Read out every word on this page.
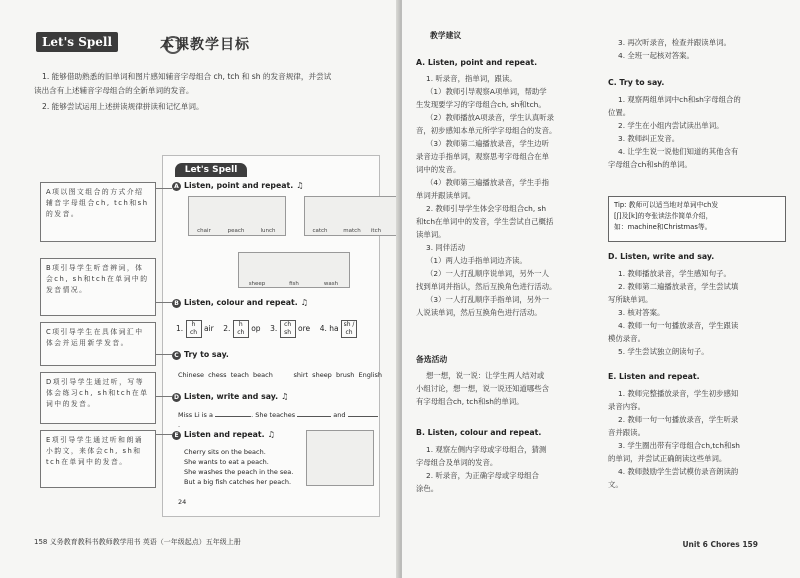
Let's Spell	本课教学目标
1. 能够借助熟悉的旧单词和图片感知辅音字母组合 ch, tch 和 sh 的发音规律，并尝试
读出含有上述辅音字母组合的全新单词的发音。
2. 能够尝试运用上述拼读规律拼读和记忆单词。
Let's Spell
A Listen, point and repeat. ♫
chair	peach	lunch	catch	match	itch
sheep	fish	wash
B Listen, colour and repeat. ♫
1. h
ch air 2. h
ch op 3. ch
sh ore 4. ha sh / ch
C Try to say.
Chinese  chess  teach  beach          shirt  sheep  brush  English
D Listen, write and say. ♫
Miss Li is a	. She teaches	and .
E Listen and repeat. ♫
Cherry sits on the beach.
She wants to eat a peach.
She washes the peach in the sea.
But a big fish catches her peach.
24
A项以图文组合的方式介绍辅音字母组合ch, tch和sh的发音。
B项引导学生听音辨词，体会ch, sh和tch在单词中的发音情况。
C项引导学生在具体词汇中体会并运用新学发音。
D项引导学生通过听，写等体会练习ch, sh和tch在单词中的发音。
E项引导学生通过听和朗诵小韵文，来体会ch, sh和tch在单词中的发音。
158 义务教育教科书教师教学用书 英语（一年级起点）五年级上册
教学建议
A. Listen, point and repeat.
1. 听录音，指单词，跟读。
（1）教师引导观察A项单词，帮助学
生发现要学习的字母组合ch, sh和tch。
（2）教师播放A项录音，学生认真听录
音，初步感知本单元所学字母组合的发音。
（3）教师第二遍播放录音，学生边听
录音边手指单词，观察思考字母组合在单
词中的发音。
（4）教师第三遍播放录音，学生手指
单词并跟读单词。
2. 教师引导学生体会字母组合ch, sh
和tch在单词中的发音，学生尝试自己概括
读单词。
3. 同伴活动
（1）两人边手指单词边齐读。
（2）一人打乱顺序说单词，另外一人
找到单词并指认，然后互换角色进行活动。
（3）一人打乱顺序手指单词，另外一
人说读单词，然后互换角色进行活动。
备选活动
想一想，说一说：让学生两人结对或
小组讨论，想一想，说一说还知道哪些含
有字母组合ch, tch和sh的单词。
B. Listen, colour and repeat.
1. 观察左侧内字母或字母组合，猜测
字母组合及单词的发音。
2. 听录音，为正确字母或字母组合
涂色。
3. 再次听录音，检查并跟读单词。
4. 全班一起核对答案。
C. Try to say.
1. 观察两组单词中ch和sh字母组合的
位置。
2. 学生在小组内尝试读出单词。
3. 教师纠正发音。
4. 让学生说一说他们知道的其他含有
字母组合ch和sh的单词。
Tip: 教师可以适当地对单词中ch发
[ʃ]及[k]的夸张读法作简单介绍，
如：machine和Christmas等。
D. Listen, write and say.
1. 教师播放录音，学生感知句子。
2. 教师第二遍播放录音，学生尝试填
写所缺单词。
3. 核对答案。
4. 教师一句一句播放录音，学生跟读
模仿录音。
5. 学生尝试独立朗读句子。
E. Listen and repeat.
1. 教师完整播放录音，学生初步感知
录音内容。
2. 教师一句一句播放录音，学生听录
音并跟读。
3. 学生圈出带有字母组合ch,tch和sh
的单词，并尝试正确朗读这些单词。
4. 教师鼓励学生尝试模仿录音朗读韵
文。
Unit 6 Chores 159
